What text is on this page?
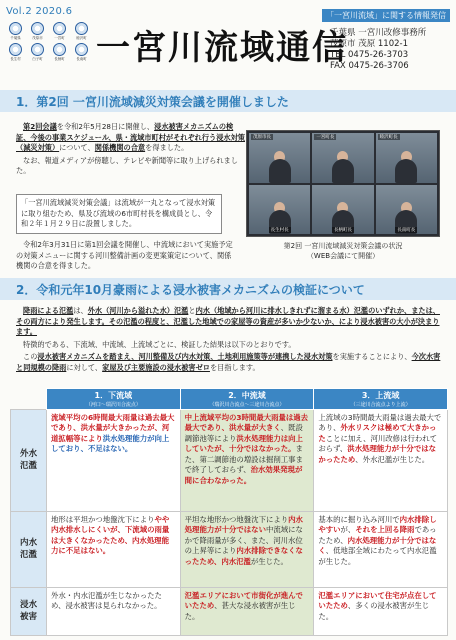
Vol.2 2020.6	「一宮川流域」に関する情報発信
千葉県	茂原市	一宮町	睦沢町
長生村	白子町	長柄町	長南町 一宮川流域通信
千葉県 一宮川改修事務所
茂原市 茂原 1102-1
TEL 0475-26-3703
FAX 0475-26-3706
1．第2回 一宮川流域減災対策会議を開催しました

第2回会議を令和2年5月28日に開催し、浸水被害メカニズムの検証、今後の事業スケジュール、県・流域市町村がそれぞれ行う浸水対策（減災対策）について、関係機関の合意を得ました。

なお、報道メディアが傍聴し、テレビや新聞等に取り上げられました。

「一宮川流域減災対策会議」は流域が一丸となって浸水対策に取り組むため、県及び流域の6市町村長を構成員とし、令和２年１月２９日に設置しました。
令和2年3月31日に第1回会議を開催し、中流域において実施予定の対策メニューに関する河川整備計画の変更案策定について、関係機関の合意を得ました。
茂原市長	一宮町長	睦沢町長
長生村長	長柄町長	長南町長
第2回 一宮川流域減災対策会議の状況
（WEB会議にて開催）
2．令和元年10月豪雨による浸水被害メカニズムの検証について

降雨による氾濫は、外水（河川から溢れた水）氾濫と内水（地域から河川に排水しきれずに溜まる水）氾濫のいずれか、または、その両方により発生します。その氾濫の程度と、氾濫した地域での家屋等の資産が多いか少ないか、により浸水被害の大小が決まります。

特徴的である、下流域、中流域、上流域ごとに、検証した結果は以下のとおりです。

この浸水被害メカニズムを踏まえ、河川整備及び内水対策、土地利用施策等が連携した浸水対策を実施することにより、今次水害と同規模の降雨に対して、家屋及び主要施設の浸水被害ゼロを目指します。

	1．下流域
（河口～瑞沢川合流点）	2．中流域
（瑞沢川合流点～三途川合流点）	3．上流域
（三途川合流点より上流）

外水
氾濫	流域平均の6時間最大雨量は過去最大であり、洪水量が大きかったが、河道拡幅等により洪水処理能力が向上しており、不足はない。	中上流域平均の3時間最大雨量は過去最大であり、洪水量が大きく、既設調節池等により洪水処理能力は向上していたが、十分ではなかった。また、第二調節池の増設は掘削工事まで終了しておらず、治水効果発現が間に合わなかった。	上流域の3時間最大雨量は過去最大であり、外水リスクは極めて大きかったことに加え、河川改修は行われておらず、洪水処理能力が十分ではなかったため、外水氾濫が生じた。

内水
氾濫	地形は平坦かつ地盤沈下によりやや内水排水しにくいが、下流域の雨量は大きくなかったため、内水処理能力に不足はない。	平坦な地形かつ地盤沈下により内水処理能力が十分ではない中流域になかで降雨量が多く、また、河川水位の上昇等により内水排除できなくなったため、内水氾濫が生じた。	基本的に掘り込み河川で内水排除しやすいが、それを上回る降雨であったため、内水処理能力が十分ではなく、低地部全域にわたって内水氾濫が生じた。

浸水
被害	外水・内水氾濫が生じなかったため、浸水被害は見られなかった。	氾濫エリアにおいて市街化が進んでいたため、甚大な浸水被害が生じた。	氾濫エリアにおいて住宅が点在していたため、多くの浸水被害が生じた。
